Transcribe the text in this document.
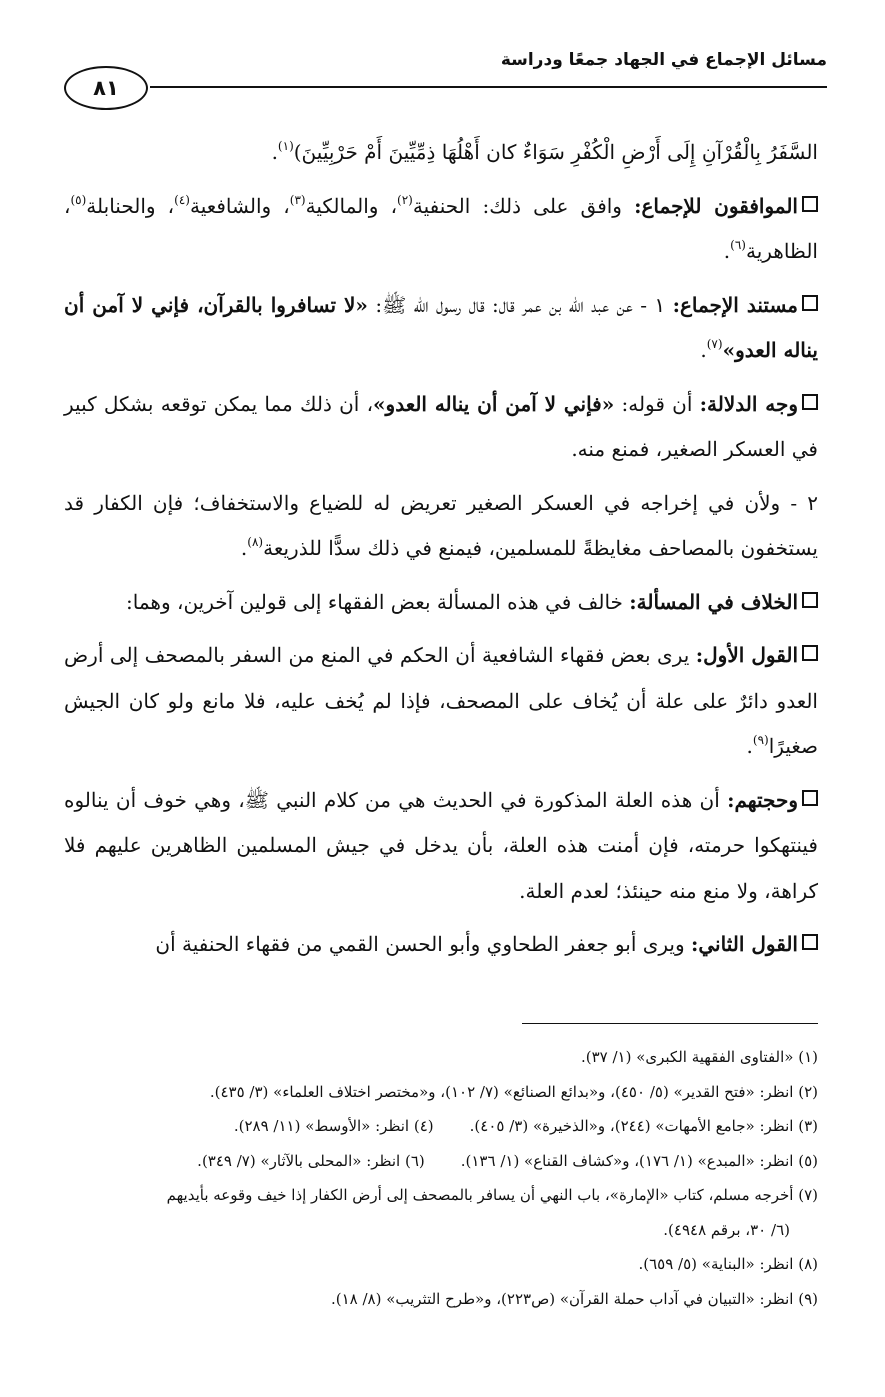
مسائل الإجماع في الجهاد جمعًا ودراسة
٨١

السَّفَرُ بِالْقُرْآنِ إِلَى أَرْضِ الْكُفْرِ سَوَاءٌ كان أَهْلُهَا ذِمِّيِّينَ أَمْ حَرْبِيِّينَ)$^{(١)}$.

الموافقون للإجماع: وافق على ذلك: الحنفية$^{(٢)}$، والمالكية$^{(٣)}$، والشافعية$^{(٤)}$، والحنابلة$^{(٥)}$، الظاهرية$^{(٦)}$.

مستند الإجماع: ١ - عن عبد الله بن عمر قال: قال رسول الله ﷺ: «لا تسافروا بالقرآن، فإني لا آمن أن يناله العدو»$^{(٧)}$.

وجه الدلالة: أن قوله: «فإني لا آمن أن يناله العدو»، أن ذلك مما يمكن توقعه بشكل كبير في العسكر الصغير، فمنع منه.

٢ - ولأن في إخراجه في العسكر الصغير تعريض له للضياع والاستخفاف؛ فإن الكفار قد يستخفون بالمصاحف مغايظةً للمسلمين، فيمنع في ذلك سدًّا للذريعة$^{(٨)}$.

الخلاف في المسألة: خالف في هذه المسألة بعض الفقهاء إلى قولين آخرين، وهما:

القول الأول: يرى بعض فقهاء الشافعية أن الحكم في المنع من السفر بالمصحف إلى أرض العدو دائرٌ على علة أن يُخاف على المصحف، فإذا لم يُخف عليه، فلا مانع ولو كان الجيش صغيرًا$^{(٩)}$.

وحجتهم: أن هذه العلة المذكورة في الحديث هي من كلام النبي ﷺ، وهي خوف أن ينالوه فينتهكوا حرمته، فإن أمنت هذه العلة، بأن يدخل في جيش المسلمين الظاهرين عليهم فلا كراهة، ولا منع منه حينئذ؛ لعدم العلة.

القول الثاني: ويرى أبو جعفر الطحاوي وأبو الحسن القمي من فقهاء الحنفية أن

(١) «الفتاوى الفقهية الكبرى» (١/ ٣٧).
(٢) انظر: «فتح القدير» (٥/ ٤٥٠)، و«بدائع الصنائع» (٧/ ١٠٢)، و«مختصر اختلاف العلماء» (٣/ ٤٣٥).
(٣) انظر: «جامع الأمهات» (٢٤٤)، و«الذخيرة» (٣/ ٤٠٥).(٤) انظر: «الأوسط» (١١/ ٢٨٩).
(٥) انظر: «المبدع» (١/ ١٧٦)، و«كشاف القناع» (١/ ١٣٦).(٦) انظر: «المحلى بالآثار» (٧/ ٣٤٩).
(٧) أخرجه مسلم، كتاب «الإمارة»، باب النهي أن يسافر بالمصحف إلى أرض الكفار إذا خيف وقوعه بأيديهم
(٦/ ٣٠، برقم ٤٩٤٨).
(٨) انظر: «البناية» (٥/ ٦٥٩).
(٩) انظر: «التبيان في آداب حملة القرآن» (ص٢٢٣)، و«طرح التثريب» (٨/ ١٨).
